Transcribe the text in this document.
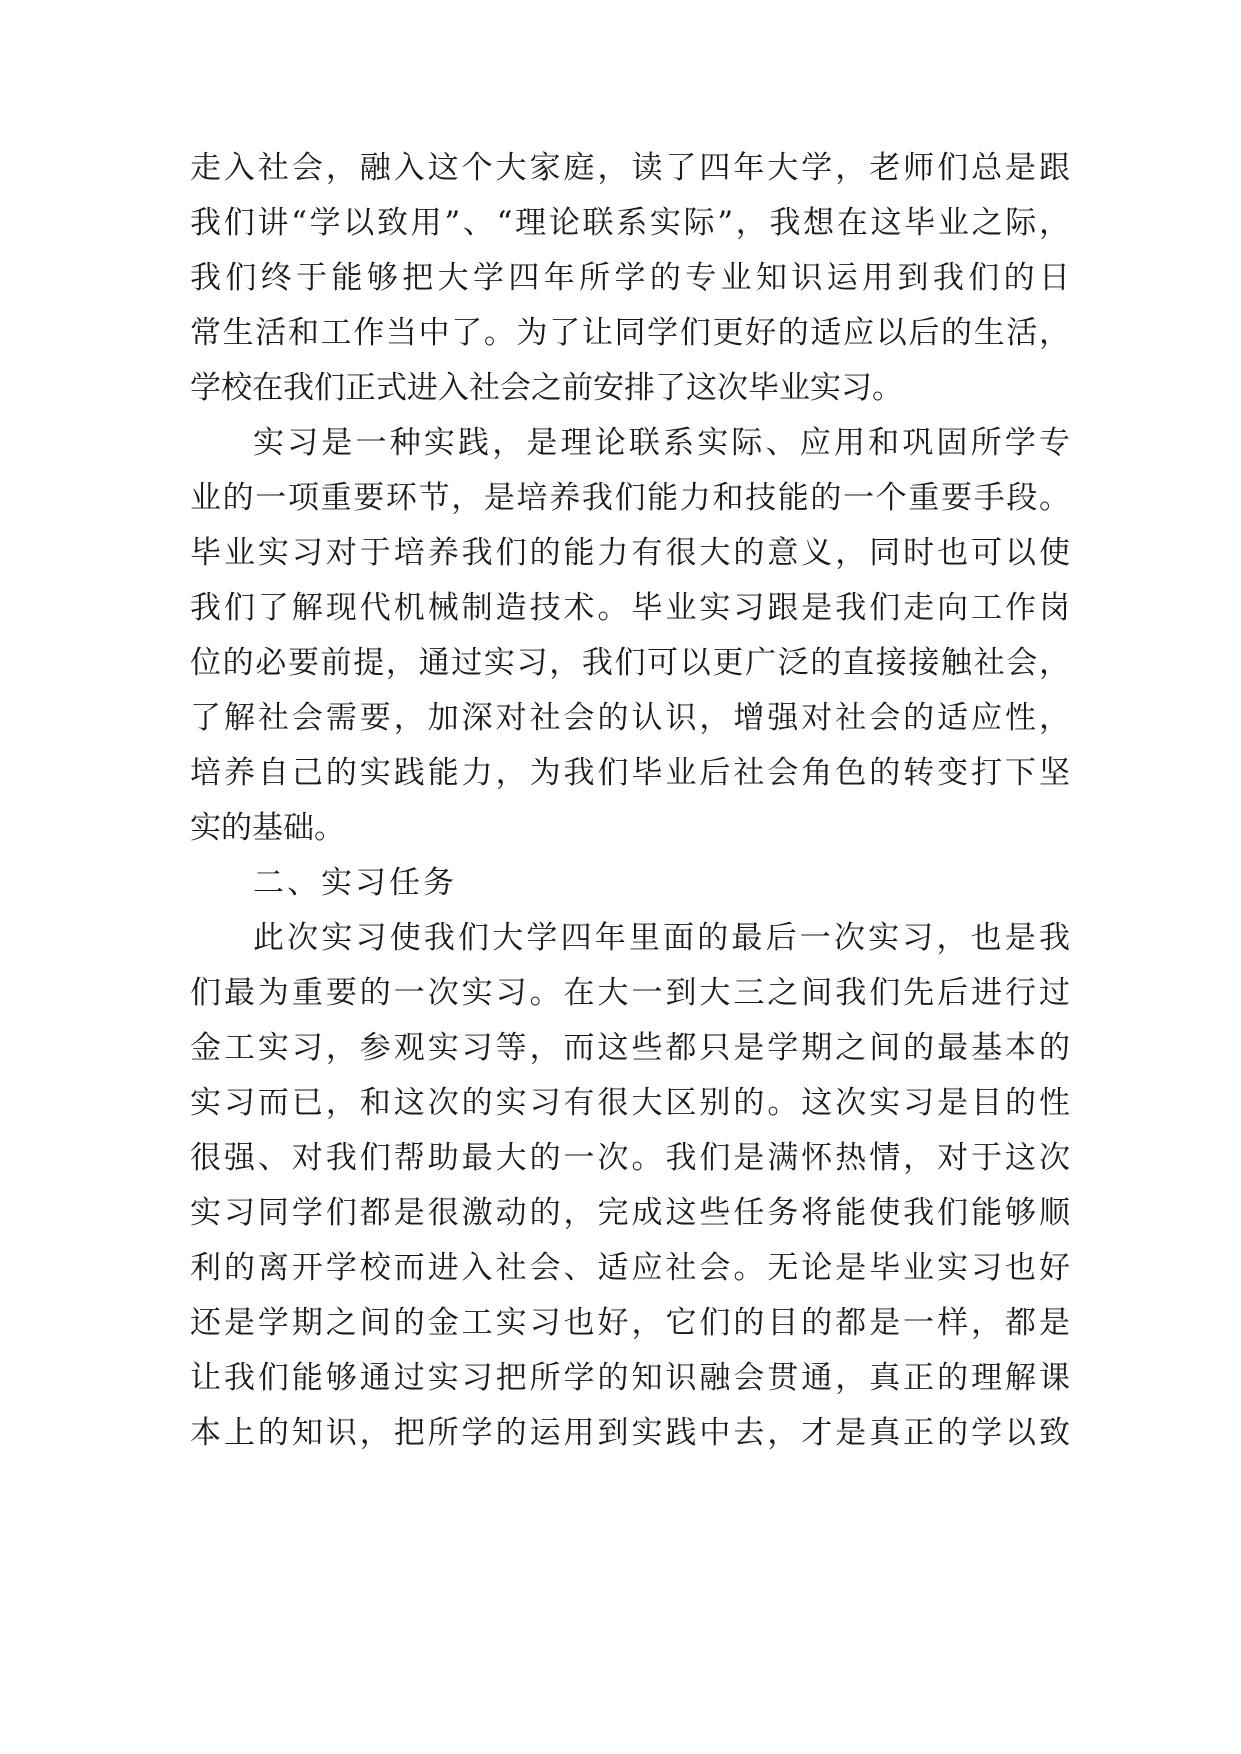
走入社会，融入这个大家庭，读了四年大学，老师们总是跟
我们讲“学以致用”、“理论联系实际”，我想在这毕业之际，
我们终于能够把大学四年所学的专业知识运用到我们的日
常生活和工作当中了。为了让同学们更好的适应以后的生活，
学校在我们正式进入社会之前安排了这次毕业实习。
实习是一种实践，是理论联系实际、应用和巩固所学专
业的一项重要环节，是培养我们能力和技能的一个重要手段。
毕业实习对于培养我们的能力有很大的意义，同时也可以使
我们了解现代机械制造技术。毕业实习跟是我们走向工作岗
位的必要前提，通过实习，我们可以更广泛的直接接触社会，
了解社会需要，加深对社会的认识，增强对社会的适应性，
培养自己的实践能力，为我们毕业后社会角色的转变打下坚
实的基础。
二、实习任务
此次实习使我们大学四年里面的最后一次实习，也是我
们最为重要的一次实习。在大一到大三之间我们先后进行过
金工实习，参观实习等，而这些都只是学期之间的最基本的
实习而已，和这次的实习有很大区别的。这次实习是目的性
很强、对我们帮助最大的一次。我们是满怀热情，对于这次
实习同学们都是很激动的，完成这些任务将能使我们能够顺
利的离开学校而进入社会、适应社会。无论是毕业实习也好
还是学期之间的金工实习也好，它们的目的都是一样，都是
让我们能够通过实习把所学的知识融会贯通，真正的理解课
本上的知识，把所学的运用到实践中去，才是真正的学以致
